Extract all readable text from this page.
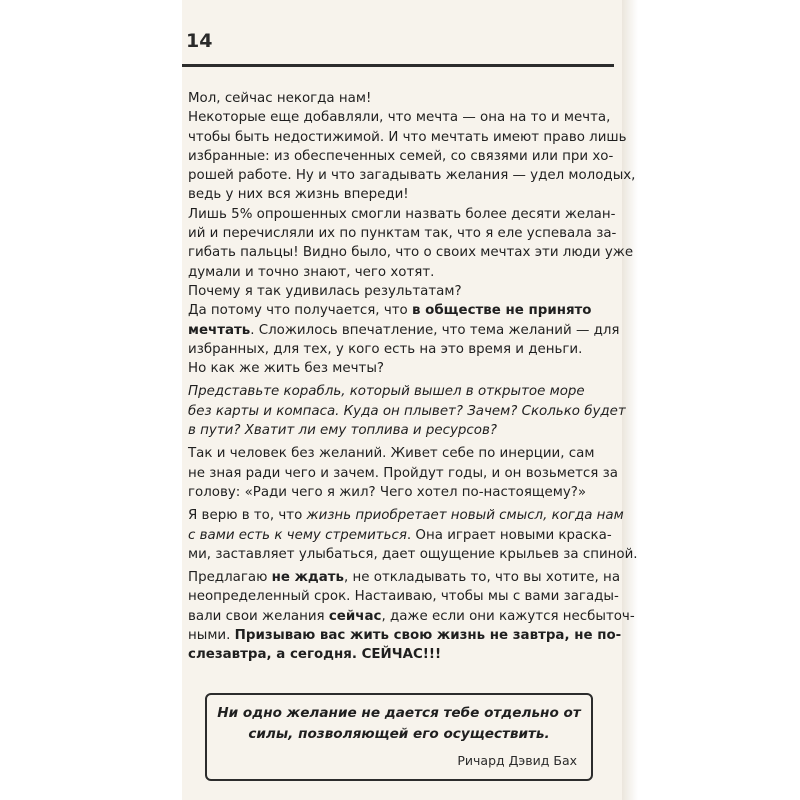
14

Мол, сейчас некогда нам!
Некоторые еще добавляли, что мечта — она на то и мечта,
чтобы быть недостижимой. И что мечтать имеют право лишь
избранные: из обеспеченных семей, со связями или при хо-
рошей работе. Ну и что загадывать желания — удел молодых,
ведь у них вся жизнь впереди!
Лишь 5% опрошенных смогли назвать более десяти желан-
ий и перечисляли их по пунктам так, что я еле успевала за-
гибать пальцы! Видно было, что о своих мечтах эти люди уже
думали и точно знают, чего хотят.
Почему я так удивилась результатам?
Да потому что получается, что в обществе не принято
мечтать. Сложилось впечатление, что тема желаний — для
избранных, для тех, у кого есть на это время и деньги.
Но как же жить без мечты?
Представьте корабль, который вышел в открытое море
без карты и компаса. Куда он плывет? Зачем? Сколько будет
в пути? Хватит ли ему топлива и ресурсов?
Так и человек без желаний. Живет себе по инерции, сам
не зная ради чего и зачем. Пройдут годы, и он возьмется за
голову: «Ради чего я жил? Чего хотел по-настоящему?»
Я верю в то, что жизнь приобретает новый смысл, когда нам
с вами есть к чему стремиться. Она играет новыми краска-
ми, заставляет улыбаться, дает ощущение крыльев за спиной.
Предлагаю не ждать, не откладывать то, что вы хотите, на
неопределенный срок. Настаиваю, чтобы мы с вами загады-
вали свои желания сейчас, даже если они кажутся несбыточ-
ными. Призываю вас жить свою жизнь не завтра, не по-
слезавтра, а сегодня. СЕЙЧАС!!!

Ни одно желание не дается тебе отдельно от

силы, позволяющей его осуществить.

Ричард Дэвид Бах
